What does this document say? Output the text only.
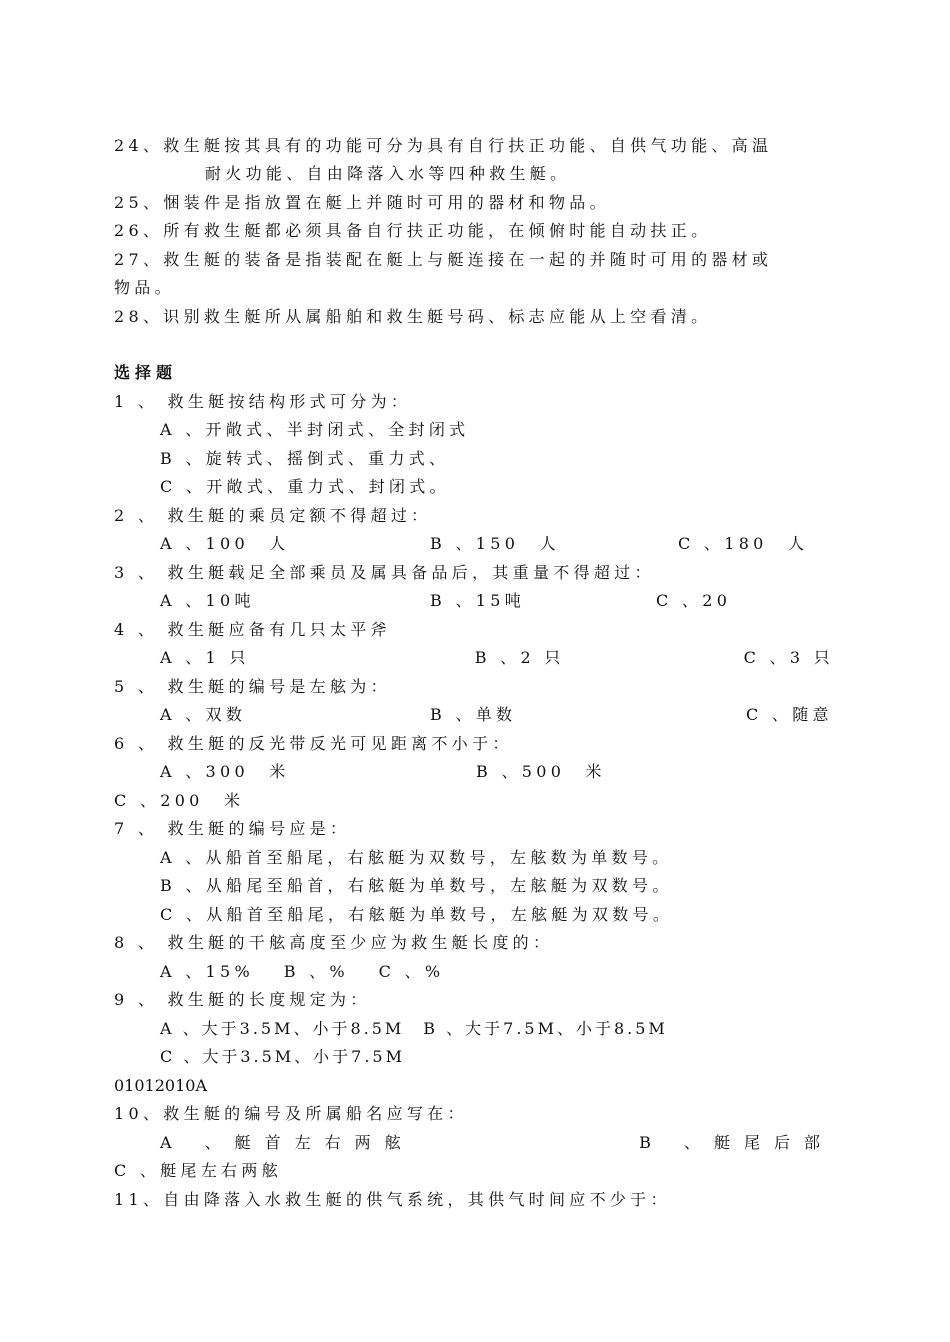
24、救生艇按其具有的功能可分为具有自行扶正功能、自供气功能、高温
耐火功能、自由降落入水等四种救生艇。
25、悃装件是指放置在艇上并随时可用的器材和物品。
26、所有救生艇都必须具备自行扶正功能，在倾俯时能自动扶正。
27、救生艇的装备是指装配在艇上与艇连接在一起的并随时可用的器材或
物品。
28、识别救生艇所从属船舶和救生艇号码、标志应能从上空看清。
选择题
1 、 救生艇按结构形式可分为：
A 、开敞式、半封闭式、全封闭式
B 、旋转式、摇倒式、重力式、
C 、开敞式、重力式、封闭式。
2 、 救生艇的乘员定额不得超过：
A 、100　人	B 、150　人	C 、180　人
3 、 救生艇载足全部乘员及属具备品后，其重量不得超过：
A 、10吨	B 、15吨	C 、20
4 、 救生艇应备有几只太平斧
A 、1 只	B 、2 只	C 、3 只
5 、 救生艇的编号是左舷为：
A 、双数	B 、单数	C 、随意
6 、 救生艇的反光带反光可见距离不小于：
A 、300　米	B 、500　米
C 、200　米
7 、 救生艇的编号应是：
A 、从船首至船尾，右舷艇为双数号，左舷数为单数号。
B 、从船尾至船首，右舷艇为单数号，左舷艇为双数号。
C 、从船首至船尾，右舷艇为单数号，左舷艇为双数号。
8 、 救生艇的干舷高度至少应为救生艇长度的：
A 、15%　 B 、%　 C 、%
9 、 救生艇的长度规定为：
A 、大于3.5M、小于8.5M　B 、大于7.5M、小于8.5M
C 、大于3.5M、小于7.5M
01012010A
10、救生艇的编号及所属船名应写在：
A 、艇首左右两舷	B 、艇尾后部
C 、艇尾左右两舷
11、自由降落入水救生艇的供气系统，其供气时间应不少于：
